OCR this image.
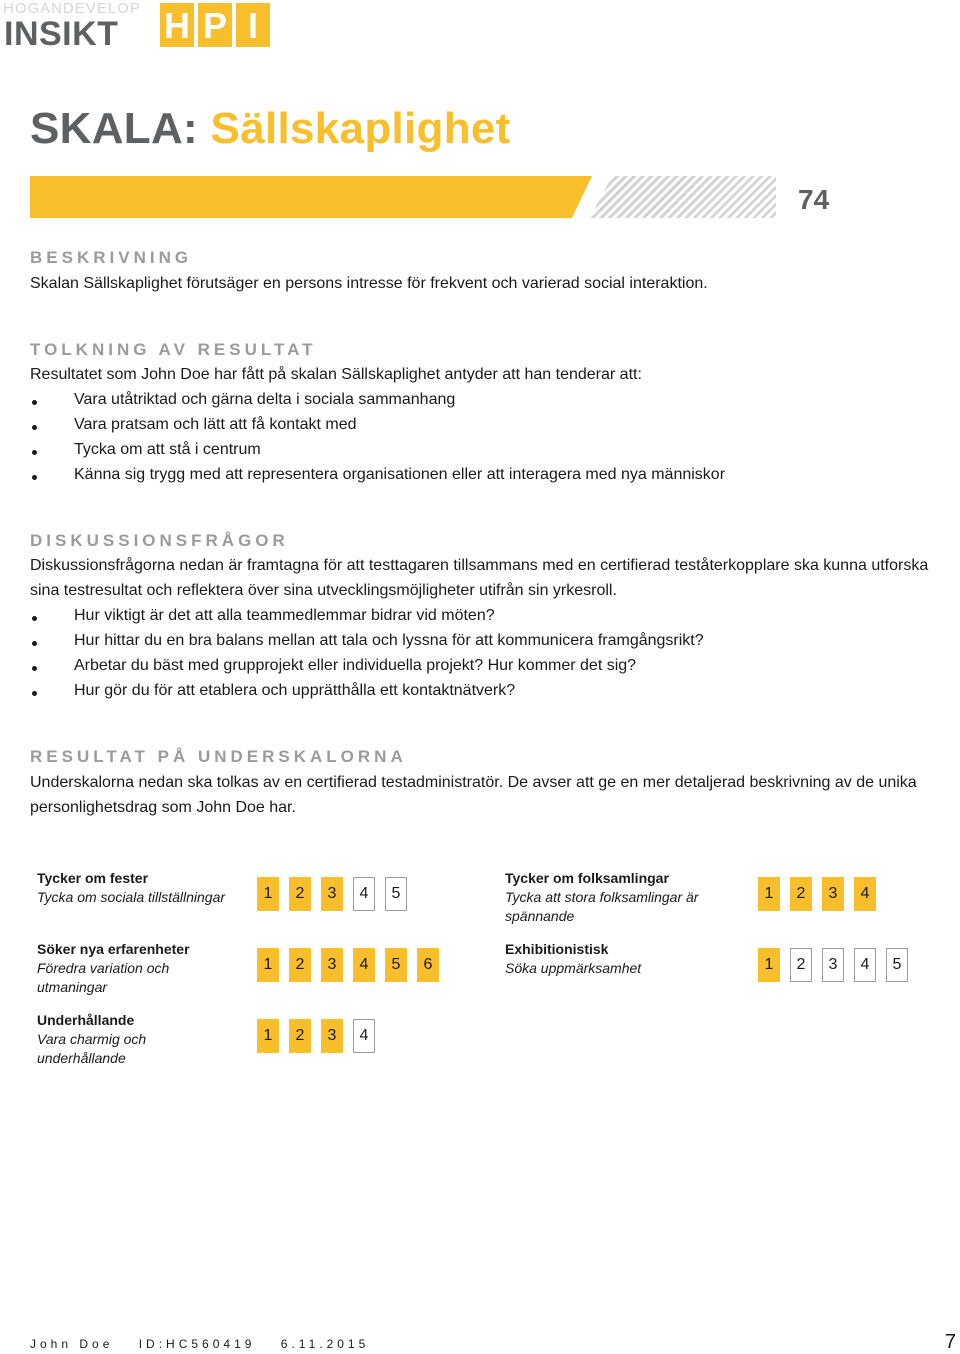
HOGANDEVELOP
INSIKT H P I
SKALA: Sällskaplighet
74
BESKRIVNING
Skalan Sällskaplighet förutsäger en persons intresse för frekvent och varierad social interaktion.
TOLKNING AV RESULTAT
Resultatet som John Doe har fått på skalan Sällskaplighet antyder att han tenderar att:
Vara utåtriktad och gärna delta i sociala sammanhang
Vara pratsam och lätt att få kontakt med
Tycka om att stå i centrum
Känna sig trygg med att representera organisationen eller att interagera med nya människor
DISKUSSIONSFRÅGOR
Diskussionsfrågorna nedan är framtagna för att testtagaren tillsammans med en certifierad teståterkopplare ska kunna utforska sina testresultat och reflektera över sina utvecklingsmöjligheter utifrån sin yrkesroll.
Hur viktigt är det att alla teammedlemmar bidrar vid möten?
Hur hittar du en bra balans mellan att tala och lyssna för att kommunicera framgångsrikt?
Arbetar du bäst med grupprojekt eller individuella projekt? Hur kommer det sig?
Hur gör du för att etablera och upprätthålla ett kontaktnätverk?
RESULTAT PÅ UNDERSKALORNA
Underskalorna nedan ska tolkas av en certifierad testadministratör. De avser att ge en mer detaljerad beskrivning av de unika personlighetsdrag som John Doe har.
Tycker om fester
Tycka om sociala tillställningar	1	2	3	4	5
Tycker om folksamlingar
Tycka att stora folksamlingar är spännande
1	2	3	4
Söker nya erfarenheter
Föredra variation och utmaningar
1	2	3	4	5	6
Exhibitionistisk
Söka uppmärksamhet	1	2	3	4	5
Underhållande
Vara charmig och underhållande
1	2	3	4
John Doe ID:HC560419 6.11.2015	7
